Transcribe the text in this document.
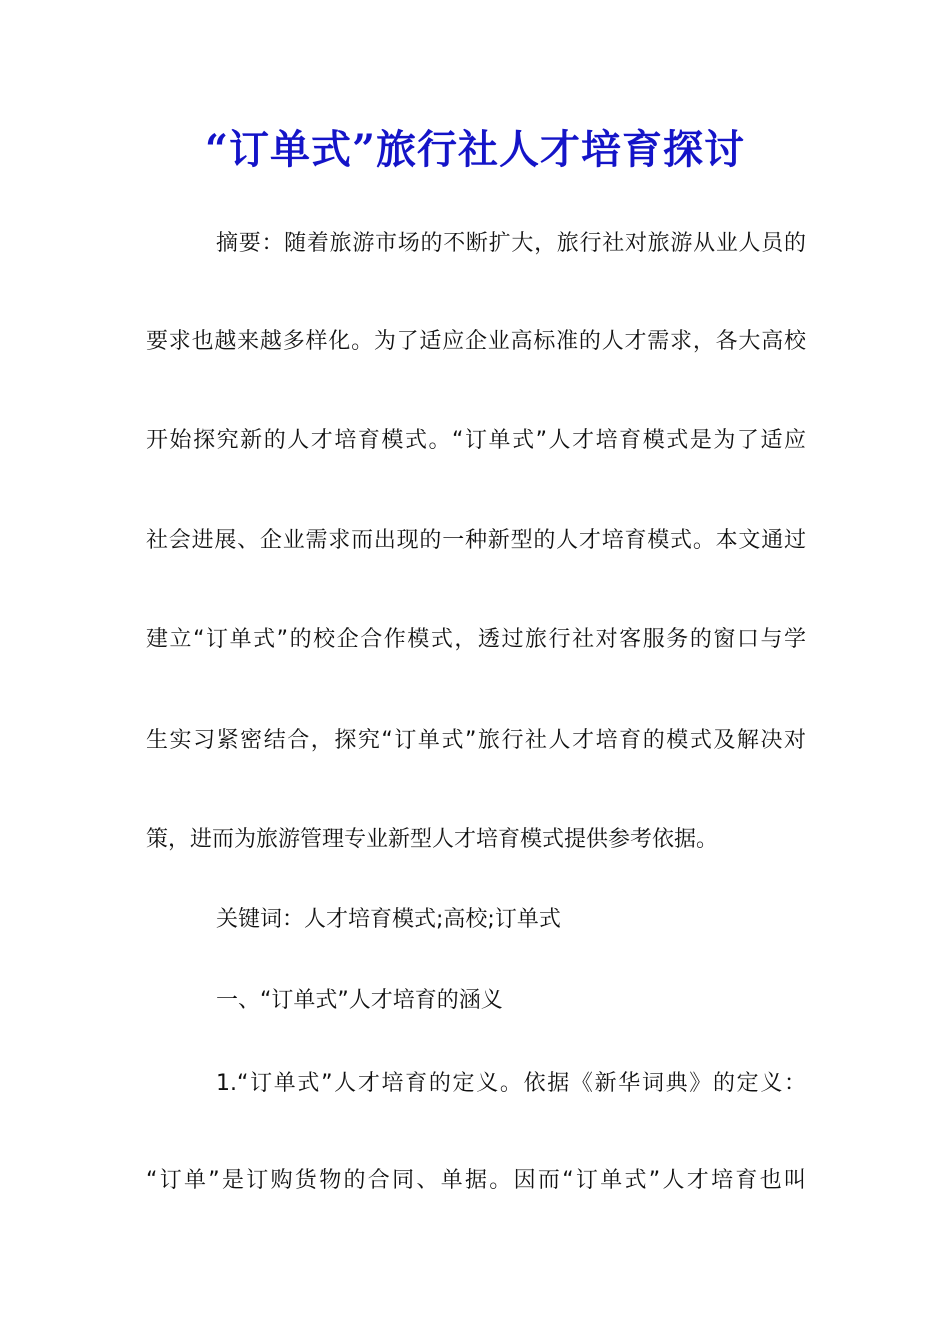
“订单式”旅行社人才培育探讨
摘要：随着旅游市场的不断扩大，旅行社对旅游从业人员的
要求也越来越多样化。为了适应企业高标准的人才需求，各大高校
开始探究新的人才培育模式。“订单式”人才培育模式是为了适应
社会进展、企业需求而出现的一种新型的人才培育模式。本文通过
建立“订单式”的校企合作模式，透过旅行社对客服务的窗口与学
生实习紧密结合，探究“订单式”旅行社人才培育的模式及解决对
策，进而为旅游管理专业新型人才培育模式提供参考依据。
关键词：人才培育模式;高校;订单式
一、“订单式”人才培育的涵义
1.“订单式”人才培育的定义。依据《新华词典》的定义：
“订单”是订购货物的合同、单据。因而“订单式”人才培育也叫
